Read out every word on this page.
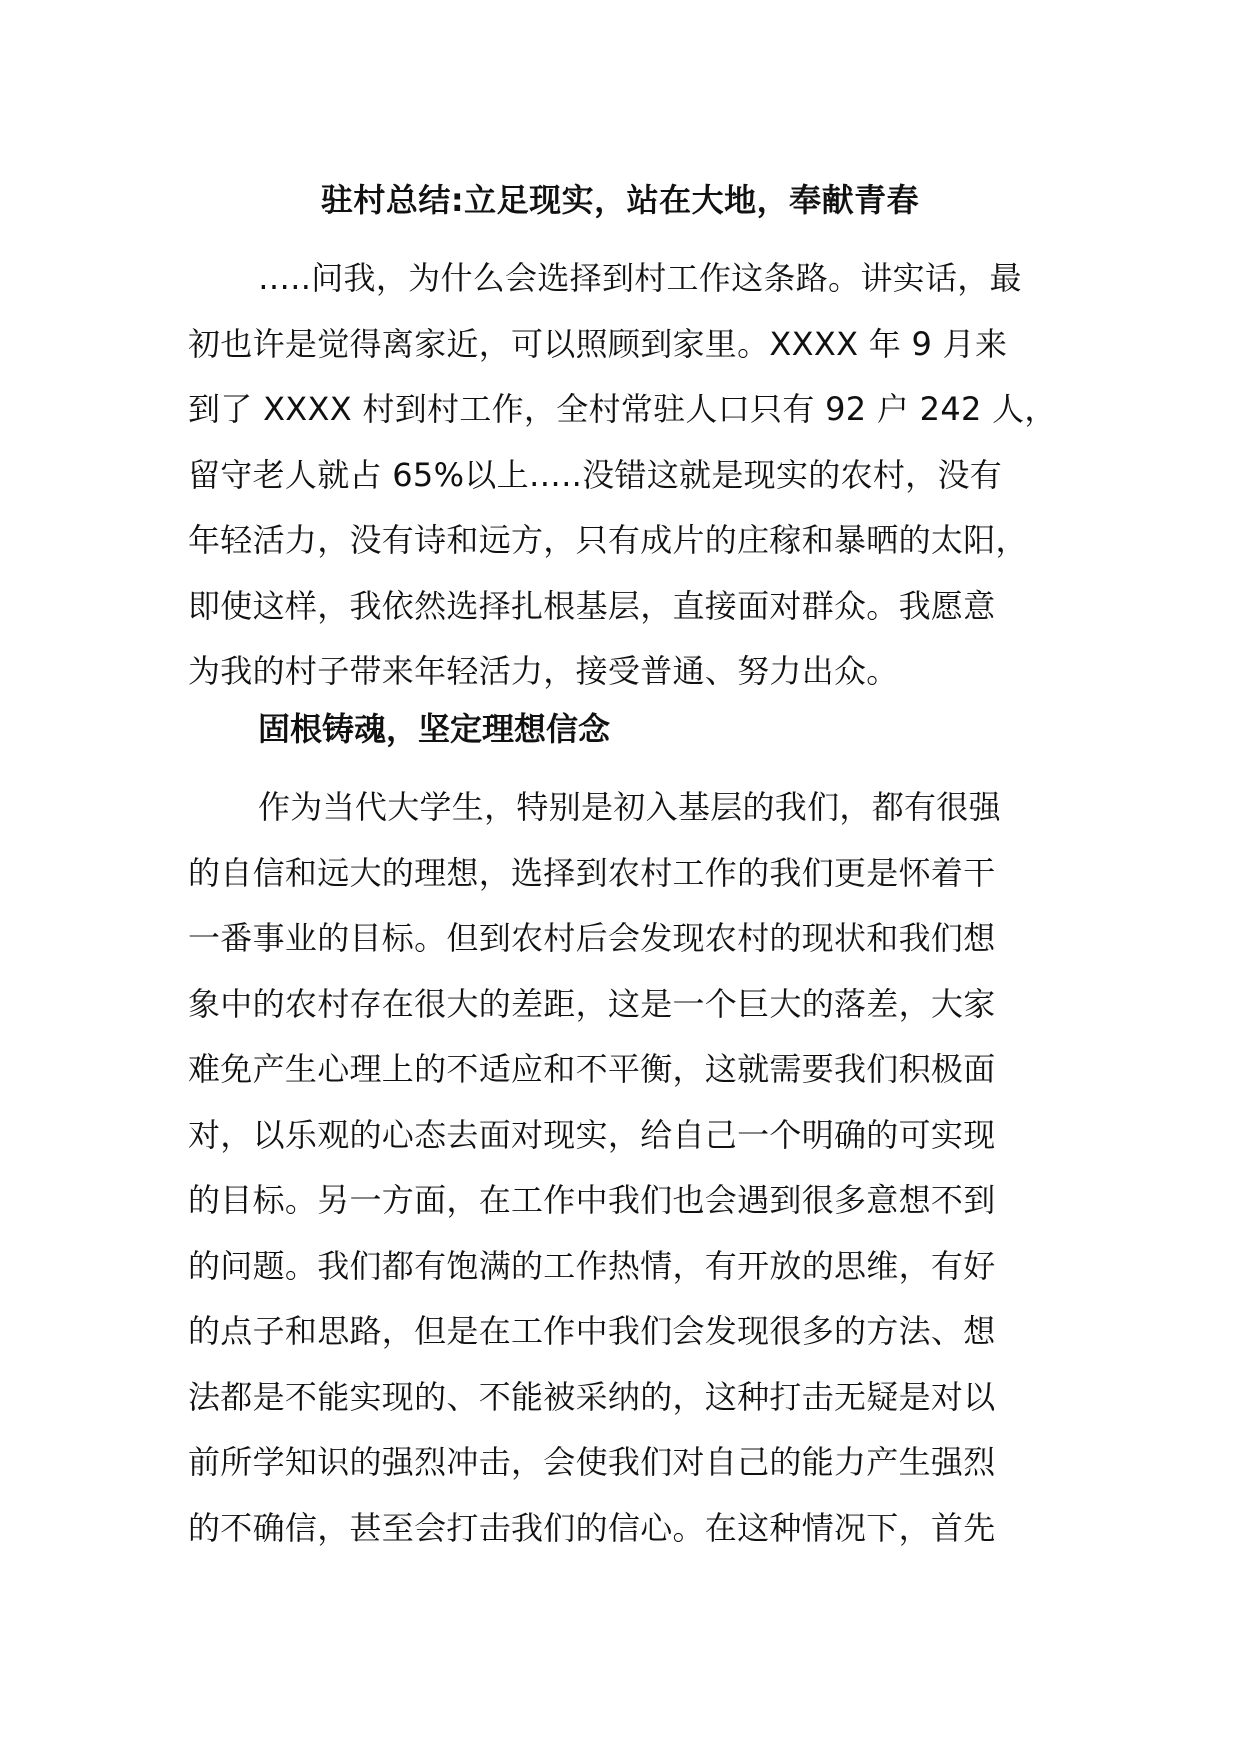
驻村总结:立足现实，站在大地，奉献青春
…..问我，为什么会选择到村工作这条路。讲实话，最
初也许是觉得离家近，可以照顾到家里。XXXX 年 9 月来
到了 XXXX 村到村工作，全村常驻人口只有 92 户 242 人，
留守老人就占 65%以上…..没错这就是现实的农村，没有
年轻活力，没有诗和远方，只有成片的庄稼和暴晒的太阳，
即使这样，我依然选择扎根基层，直接面对群众。我愿意
为我的村子带来年轻活力，接受普通、努力出众。
固根铸魂，坚定理想信念
作为当代大学生，特别是初入基层的我们，都有很强
的自信和远大的理想，选择到农村工作的我们更是怀着干
一番事业的目标。但到农村后会发现农村的现状和我们想
象中的农村存在很大的差距，这是一个巨大的落差，大家
难免产生心理上的不适应和不平衡，这就需要我们积极面
对，以乐观的心态去面对现实，给自己一个明确的可实现
的目标。另一方面，在工作中我们也会遇到很多意想不到
的问题。我们都有饱满的工作热情，有开放的思维，有好
的点子和思路，但是在工作中我们会发现很多的方法、想
法都是不能实现的、不能被采纳的，这种打击无疑是对以
前所学知识的强烈冲击，会使我们对自己的能力产生强烈
的不确信，甚至会打击我们的信心。在这种情况下，首先
